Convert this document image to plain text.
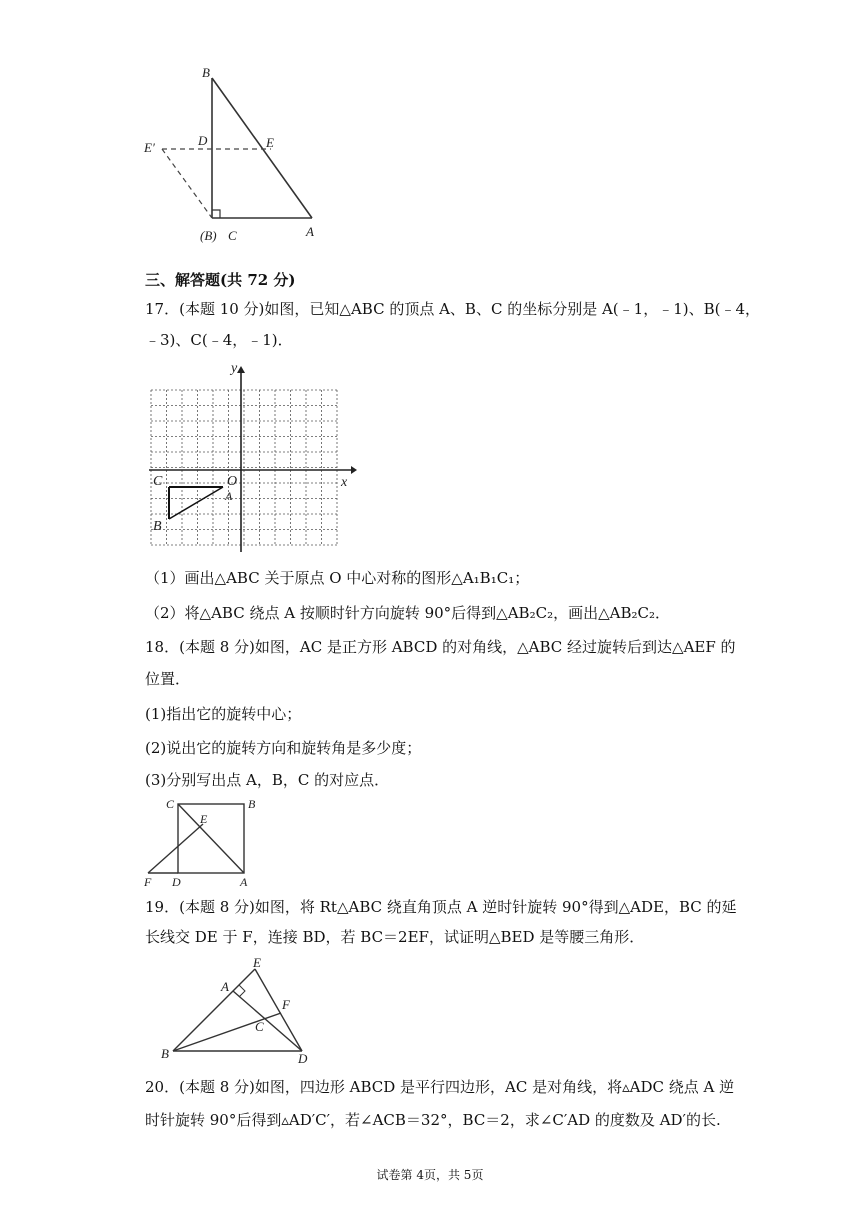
B
D	E
E′
(B) C	A
三、解答题(共 72 分)
17．(本题 10 分)如图，已知△ABC 的顶点 A、B、C 的坐标分别是 A(﹣1，﹣1)、B(﹣4，
﹣3)、C(﹣4，﹣1)．
y
x
O
C
A
B
（1）画出△ABC 关于原点 O 中心对称的图形△A₁B₁C₁；
（2）将△ABC 绕点 A 按顺时针方向旋转 90°后得到△AB₂C₂，画出△AB₂C₂．
18．(本题 8 分)如图，AC 是正方形 ABCD 的对角线，△ABC 经过旋转后到达△AEF 的
位置．
(1)指出它的旋转中心；
(2)说出它的旋转方向和旋转角是多少度；
(3)分别写出点 A，B，C 的对应点．
C	B
E
F D	A
19．(本题 8 分)如图，将 Rt△ABC 绕直角顶点 A 逆时针旋转 90°得到△ADE，BC 的延
长线交 DE 于 F，连接 BD，若 BC＝2EF，试证明△BED 是等腰三角形．
E
A
F
C
B	D
20．(本题 8 分)如图，四边形 ABCD 是平行四边形，AC 是对角线，将▵ADC 绕点 A 逆
时针旋转 90°后得到▵AD′C′，若∠ACB＝32°，BC＝2，求∠C′AD 的度数及 AD′的长.
试卷第 4页，共 5页
